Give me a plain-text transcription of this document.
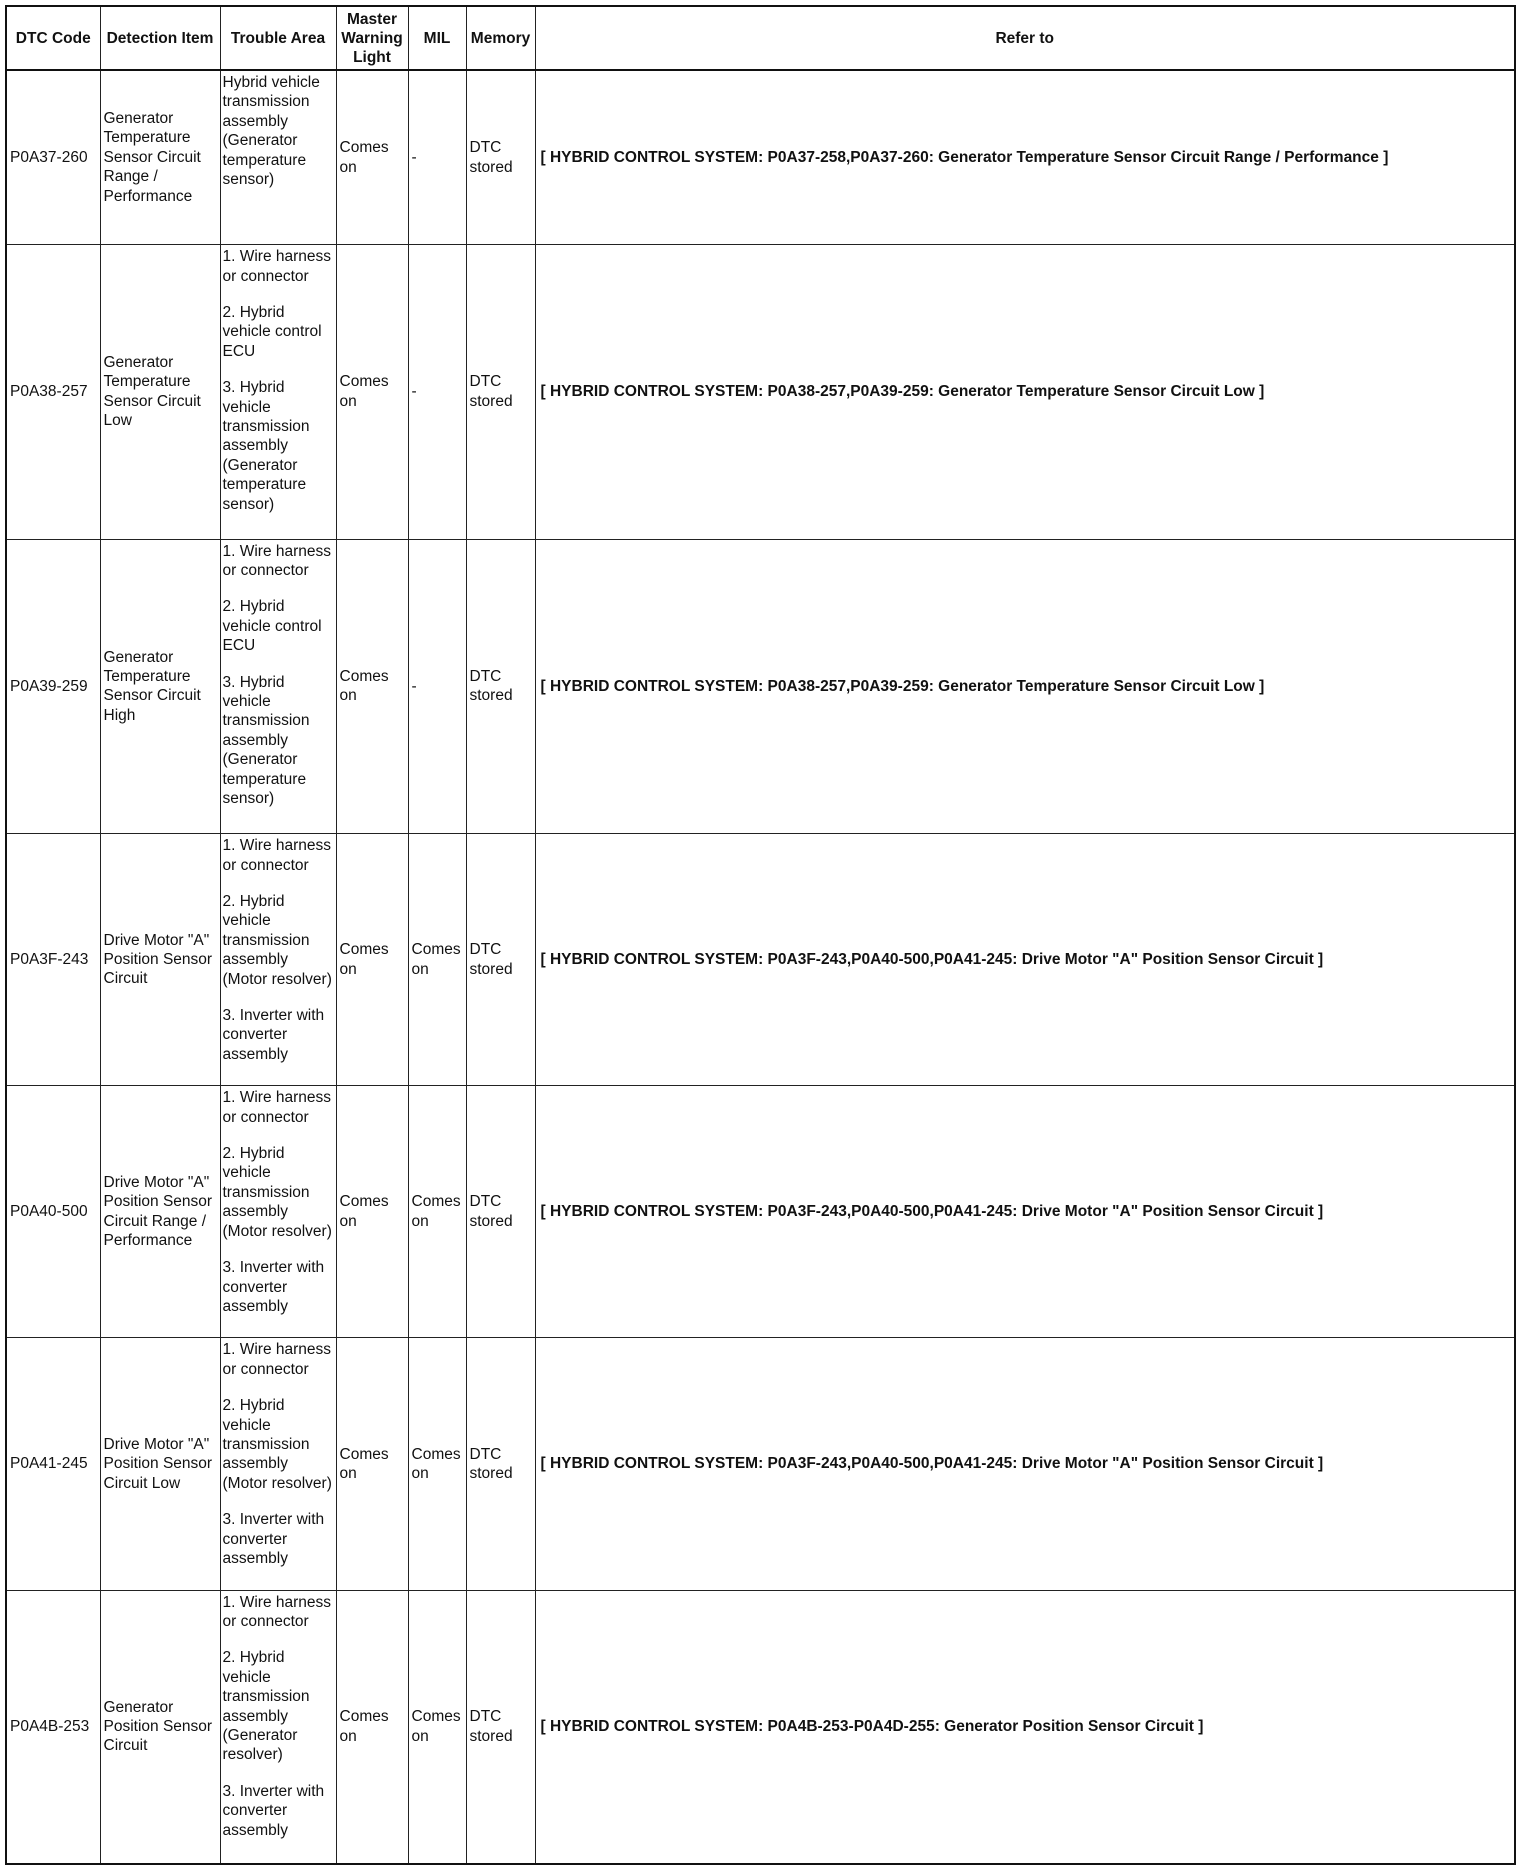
DTC Code	Detection Item	Trouble Area	Master Warning Light	MIL	Memory	Refer to
P0A37-260	Generator Temperature Sensor Circuit Range / Performance	Hybrid vehicle transmission assembly (Generator temperature sensor)	Comes on	-	DTC stored	[ HYBRID CONTROL SYSTEM: P0A37-258,P0A37-260: Generator Temperature Sensor Circuit Range / Performance ]
P0A38-257	Generator Temperature Sensor Circuit Low	1. Wire harness or connector

2. Hybrid vehicle control ECU

3. Hybrid vehicle transmission assembly (Generator temperature sensor)	Comes on	-	DTC stored	[ HYBRID CONTROL SYSTEM: P0A38-257,P0A39-259: Generator Temperature Sensor Circuit Low ]
P0A39-259	Generator Temperature Sensor Circuit High	1. Wire harness or connector

2. Hybrid vehicle control ECU

3. Hybrid vehicle transmission assembly (Generator temperature sensor)	Comes on	-	DTC stored	[ HYBRID CONTROL SYSTEM: P0A38-257,P0A39-259: Generator Temperature Sensor Circuit Low ]
P0A3F-243	Drive Motor "A" Position Sensor Circuit	1. Wire harness or connector

2. Hybrid vehicle transmission assembly (Motor resolver)

3. Inverter with converter assembly	Comes on	Comes on	DTC stored	[ HYBRID CONTROL SYSTEM: P0A3F-243,P0A40-500,P0A41-245: Drive Motor "A" Position Sensor Circuit ]
P0A40-500	Drive Motor "A" Position Sensor Circuit Range / Performance	1. Wire harness or connector

2. Hybrid vehicle transmission assembly (Motor resolver)

3. Inverter with converter assembly	Comes on	Comes on	DTC stored	[ HYBRID CONTROL SYSTEM: P0A3F-243,P0A40-500,P0A41-245: Drive Motor "A" Position Sensor Circuit ]
P0A41-245	Drive Motor "A" Position Sensor Circuit Low	1. Wire harness or connector

2. Hybrid vehicle transmission assembly (Motor resolver)

3. Inverter with converter assembly	Comes on	Comes on	DTC stored	[ HYBRID CONTROL SYSTEM: P0A3F-243,P0A40-500,P0A41-245: Drive Motor "A" Position Sensor Circuit ]
P0A4B-253	Generator Position Sensor Circuit	1. Wire harness or connector

2. Hybrid vehicle transmission assembly (Generator resolver)

3. Inverter with converter assembly	Comes on	Comes on	DTC stored	[ HYBRID CONTROL SYSTEM: P0A4B-253-P0A4D-255: Generator Position Sensor Circuit ]
